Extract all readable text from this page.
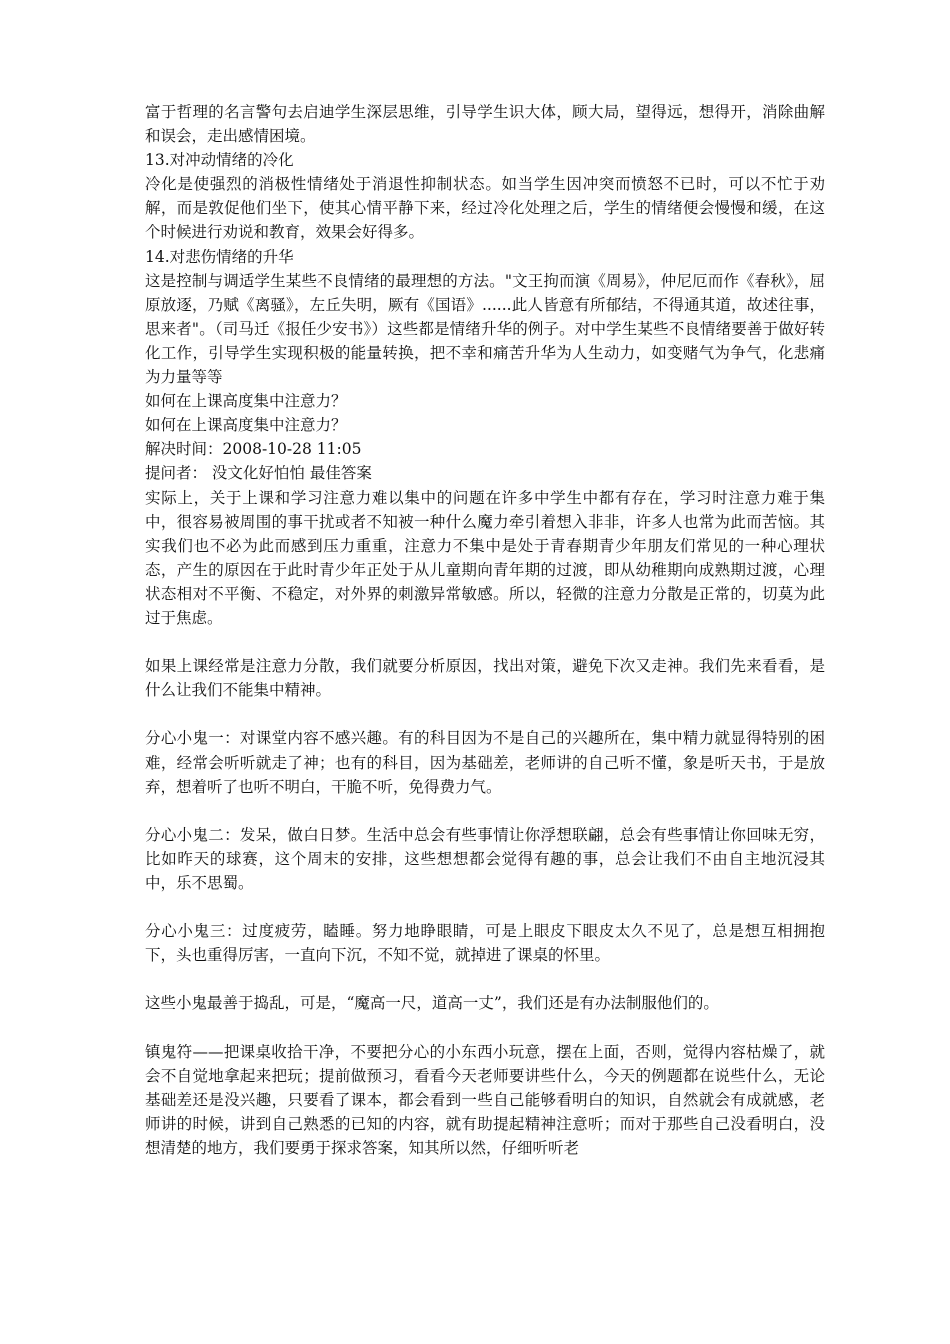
富于哲理的名言警句去启迪学生深层思维，引导学生识大体，顾大局，望得远，想得开，消除曲解和误会，走出感情困境。

13.对冲动情绪的冷化

冷化是使强烈的消极性情绪处于消退性抑制状态。如当学生因冲突而愤怒不已时，可以不忙于劝解，而是敦促他们坐下，使其心情平静下来，经过冷化处理之后，学生的情绪便会慢慢和缓，在这个时候进行劝说和教育，效果会好得多。

14.对悲伤情绪的升华

这是控制与调适学生某些不良情绪的最理想的方法。"文王拘而演《周易》，仲尼厄而作《春秋》，屈原放逐，乃赋《离骚》，左丘失明，厥有《国语》......此人皆意有所郁结，不得通其道，故述往事，思来者"。（司马迁《报任少安书》）这些都是情绪升华的例子。对中学生某些不良情绪要善于做好转化工作，引导学生实现积极的能量转换，把不幸和痛苦升华为人生动力，如变赌气为争气，化悲痛为力量等等

如何在上课高度集中注意力？

如何在上课高度集中注意力？

解决时间：2008-10-28 11:05

提问者： 没文化好怕怕 最佳答案

实际上，关于上课和学习注意力难以集中的问题在许多中学生中都有存在，学习时注意力难于集中，很容易被周围的事干扰或者不知被一种什么魔力牵引着想入非非，许多人也常为此而苦恼。其实我们也不必为此而感到压力重重，注意力不集中是处于青春期青少年朋友们常见的一种心理状态，产生的原因在于此时青少年正处于从儿童期向青年期的过渡，即从幼稚期向成熟期过渡，心理状态相对不平衡、不稳定，对外界的刺激异常敏感。所以，轻微的注意力分散是正常的，切莫为此过于焦虑。

如果上课经常是注意力分散，我们就要分析原因，找出对策，避免下次又走神。我们先来看看，是什么让我们不能集中精神。

分心小鬼一：对课堂内容不感兴趣。有的科目因为不是自己的兴趣所在，集中精力就显得特别的困难，经常会听听就走了神；也有的科目，因为基础差，老师讲的自己听不懂，象是听天书，于是放弃，想着听了也听不明白，干脆不听，免得费力气。

分心小鬼二：发呆，做白日梦。生活中总会有些事情让你浮想联翩，总会有些事情让你回味无穷，比如昨天的球赛，这个周末的安排，这些想想都会觉得有趣的事，总会让我们不由自主地沉浸其中，乐不思蜀。

分心小鬼三：过度疲劳，瞌睡。努力地睁眼睛，可是上眼皮下眼皮太久不见了，总是想互相拥抱下，头也重得厉害，一直向下沉，不知不觉，就掉进了课桌的怀里。

这些小鬼最善于捣乱，可是，“魔高一尺，道高一丈”，我们还是有办法制服他们的。

镇鬼符——把课桌收拾干净，不要把分心的小东西小玩意，摆在上面，否则，觉得内容枯燥了，就会不自觉地拿起来把玩；提前做预习，看看今天老师要讲些什么，今天的例题都在说些什么，无论基础差还是没兴趣，只要看了课本，都会看到一些自己能够看明白的知识，自然就会有成就感，老师讲的时候，讲到自己熟悉的已知的内容，就有助提起精神注意听；而对于那些自己没看明白，没想清楚的地方，我们要勇于探求答案，知其所以然，仔细听听老
